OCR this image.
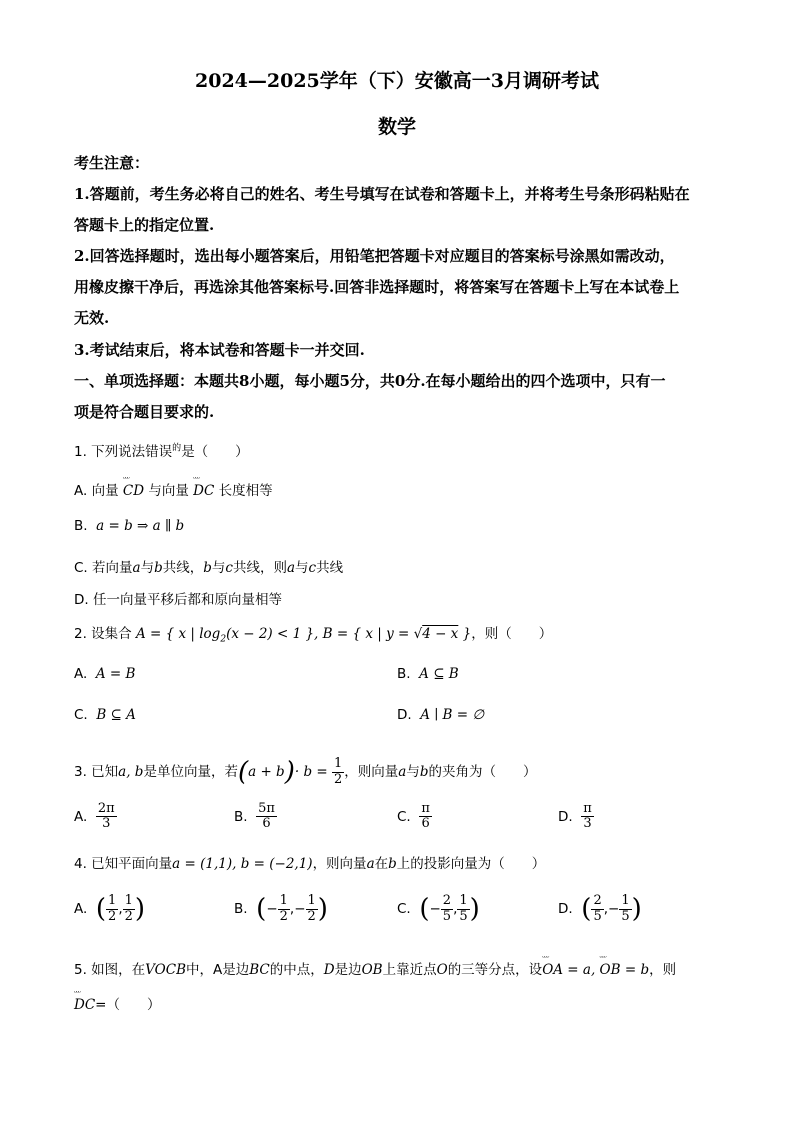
2024—2025学年（下）安徽高一3月调研考试
数学
考生注意：
1.答题前，考生务必将自己的姓名、考生号填写在试卷和答题卡上，并将考生号条形码粘贴在
答题卡上的指定位置.
2.回答选择题时，选出每小题答案后，用铅笔把答题卡对应题目的答案标号涂黑如需改动，
用橡皮擦干净后，再选涂其他答案标号.回答非选择题时，将答案写在答题卡上写在本试卷上
无效.
3.考试结束后，将本试卷和答题卡一并交回.
一、单项选择题：本题共8小题，每小题5分，共0分.在每小题给出的四个选项中，只有一
项是符合题目要求的.
1. 下列说法错误$^的$是（　　）
A. 向量 ᵕᵕᵕ CD 与向量 ᵕᵕᵕ DC 长度相等
B.  a = b ⇒ a ∥ b
C. 若向量a与b共线，b与c共线，则a与c共线
D. 任一向量平移后都和原向量相等
2. 设集合 A = { x | $\log_2(x - 2) < 1$ }, B = { x | y = √4 − x }，则（　　）
A. A = B	B. A ⊆ B
C. B ⊆ A	D. A ∣ B = ∅
3. 已知a, b是单位向量，若$(a + b)\cdot b = \frac{1}{2}$ ，则向量a与b的夹角为（　　）
A. $\frac{2\pi}{3}$	B. $\frac{5\pi}{6}$	C. $\frac{\pi}{6}$	D. $\frac{\pi}{3}$
4. 已知平面向量a = (1,1), b = (−2,1)，则向量a在b上的投影向量为（　　）
A. ( $\frac{1}{2}$ , $\frac{1}{2}$ )	B. (− $\frac{1}{2}$ ,− $\frac{1}{2}$ )	C. (− $\frac{2}{5}$ , $\frac{1}{5}$ )	D. ( $\frac{2}{5}$ ,− $\frac{1}{5}$ )
5. 如图，在VOCB中，A是边BC的中点，D是边OB上靠近点O的三等分点，设ᵕᵕᵕ OA = a, ᵕᵕᵕ OB = b，则
ᵕᵕᵕ DC=（　　）
